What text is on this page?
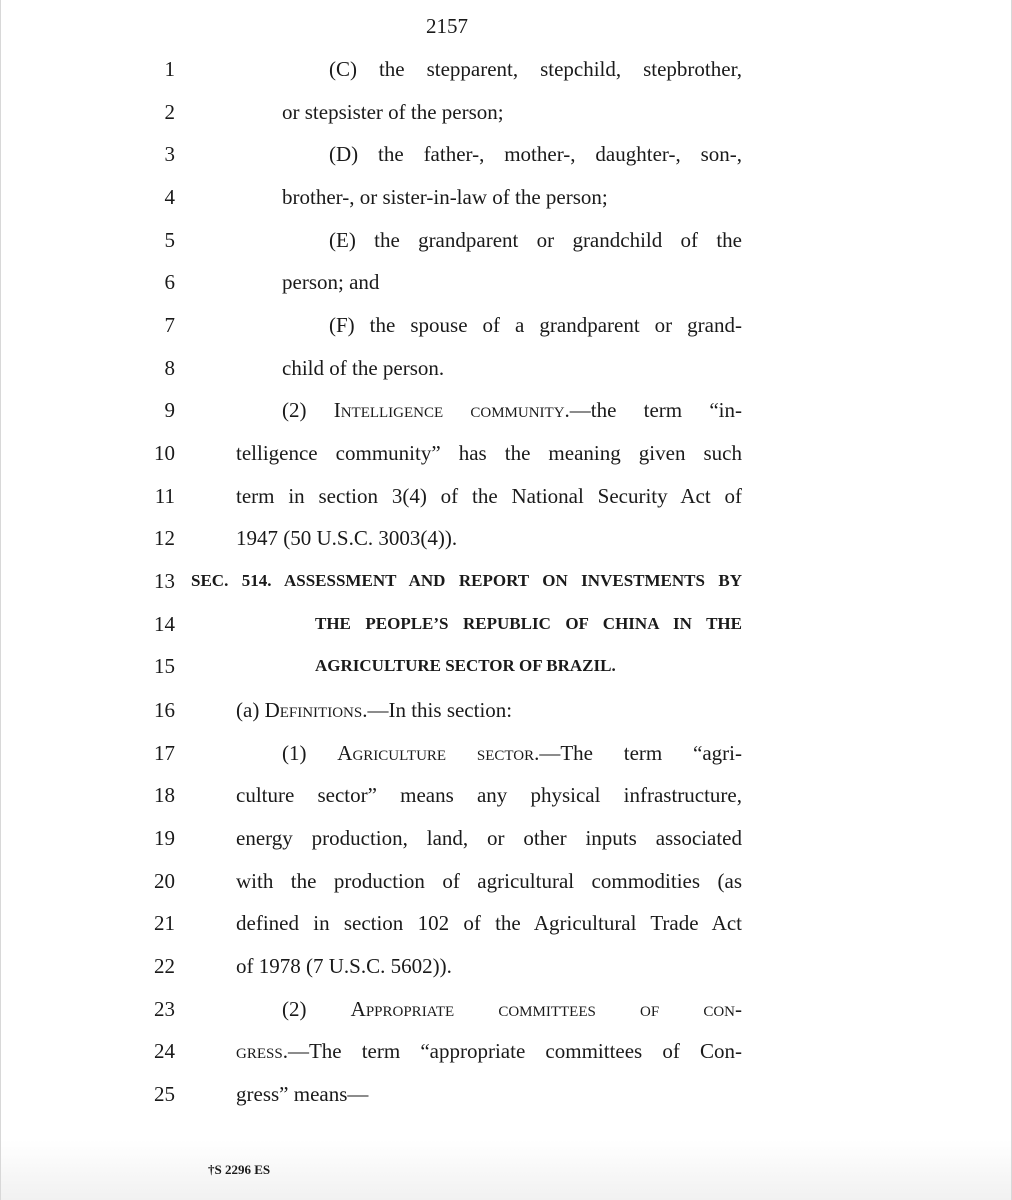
2157
1
2
3
4
5
6
7
8
9
10
11
12
13
14
15
16
17
18
19
20
21
22
23
24
25
(C) the stepparent, stepchild, stepbrother,
or stepsister of the person;
(D) the father-, mother-, daughter-, son-,
brother-, or sister-in-law of the person;
(E) the grandparent or grandchild of the
person; and
(F) the spouse of a grandparent or grand-
child of the person.
(2) Intelligence community.—the term “in-
telligence community” has the meaning given such
term in section 3(4) of the National Security Act of
1947 (50 U.S.C. 3003(4)).
SEC. 514. ASSESSMENT AND REPORT ON INVESTMENTS BY
THE PEOPLE’S REPUBLIC OF CHINA IN THE
AGRICULTURE SECTOR OF BRAZIL.
(a) Definitions.—In this section:
(1) Agriculture sector.—The term “agri-
culture sector” means any physical infrastructure,
energy production, land, or other inputs associated
with the production of agricultural commodities (as
defined in section 102 of the Agricultural Trade Act
of 1978 (7 U.S.C. 5602)).
(2) Appropriate committees of con-
gress.—The term “appropriate committees of Con-
gress” means—
†S 2296 ES
